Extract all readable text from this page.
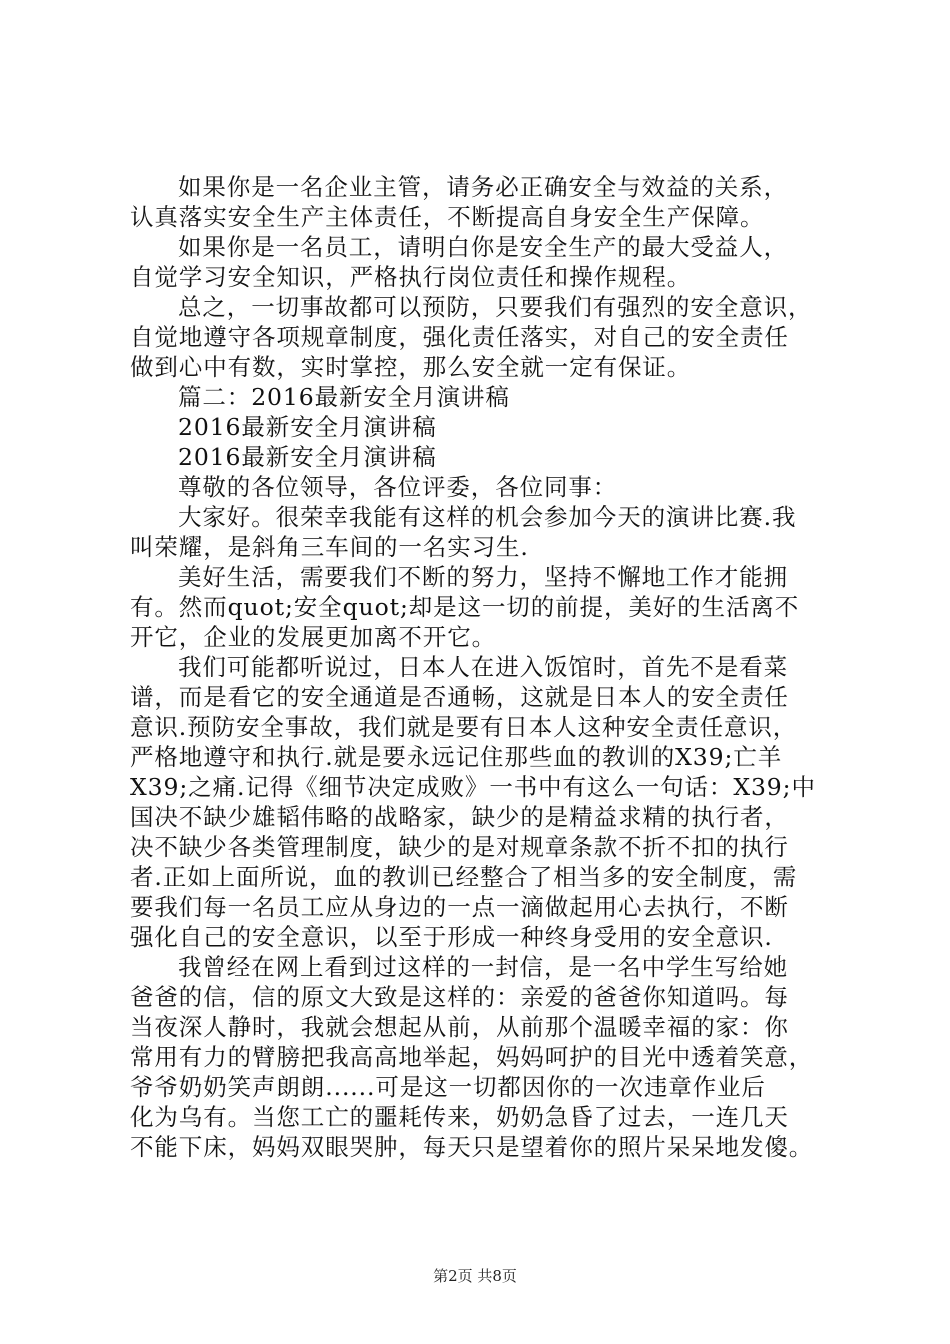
如果你是一名企业主管，请务必正确安全与效益的关系，
认真落实安全生产主体责任，不断提高自身安全生产保障。
如果你是一名员工，请明白你是安全生产的最大受益人，
自觉学习安全知识，严格执行岗位责任和操作规程。
总之，一切事故都可以预防，只要我们有强烈的安全意识，
自觉地遵守各项规章制度，强化责任落实，对自己的安全责任
做到心中有数，实时掌控，那么安全就一定有保证。
篇二：2016最新安全月演讲稿
2016最新安全月演讲稿
2016最新安全月演讲稿
尊敬的各位领导，各位评委，各位同事：
大家好。很荣幸我能有这样的机会参加今天的演讲比赛.我
叫荣耀，是斜角三车间的一名实习生.
美好生活，需要我们不断的努力，坚持不懈地工作才能拥
有。然而quot;安全quot;却是这一切的前提，美好的生活离不
开它，企业的发展更加离不开它。
我们可能都听说过，日本人在进入饭馆时，首先不是看菜
谱，而是看它的安全通道是否通畅，这就是日本人的安全责任
意识.预防安全事故，我们就是要有日本人这种安全责任意识，
严格地遵守和执行.就是要永远记住那些血的教训的X39;亡羊
X39;之痛.记得《细节决定成败》一书中有这么一句话：X39;中
国决不缺少雄韬伟略的战略家，缺少的是精益求精的执行者，
决不缺少各类管理制度，缺少的是对规章条款不折不扣的执行
者.正如上面所说，血的教训已经整合了相当多的安全制度，需
要我们每一名员工应从身边的一点一滴做起用心去执行，不断
强化自己的安全意识，以至于形成一种终身受用的安全意识.
我曾经在网上看到过这样的一封信，是一名中学生写给她
爸爸的信，信的原文大致是这样的：亲爱的爸爸你知道吗。每
当夜深人静时，我就会想起从前，从前那个温暖幸福的家：你
常用有力的臂膀把我高高地举起，妈妈呵护的目光中透着笑意，
爷爷奶奶笑声朗朗......可是这一切都因你的一次违章作业后
化为乌有。当您工亡的噩耗传来，奶奶急昏了过去，一连几天
不能下床，妈妈双眼哭肿，每天只是望着你的照片呆呆地发傻。
第2页 共8页
